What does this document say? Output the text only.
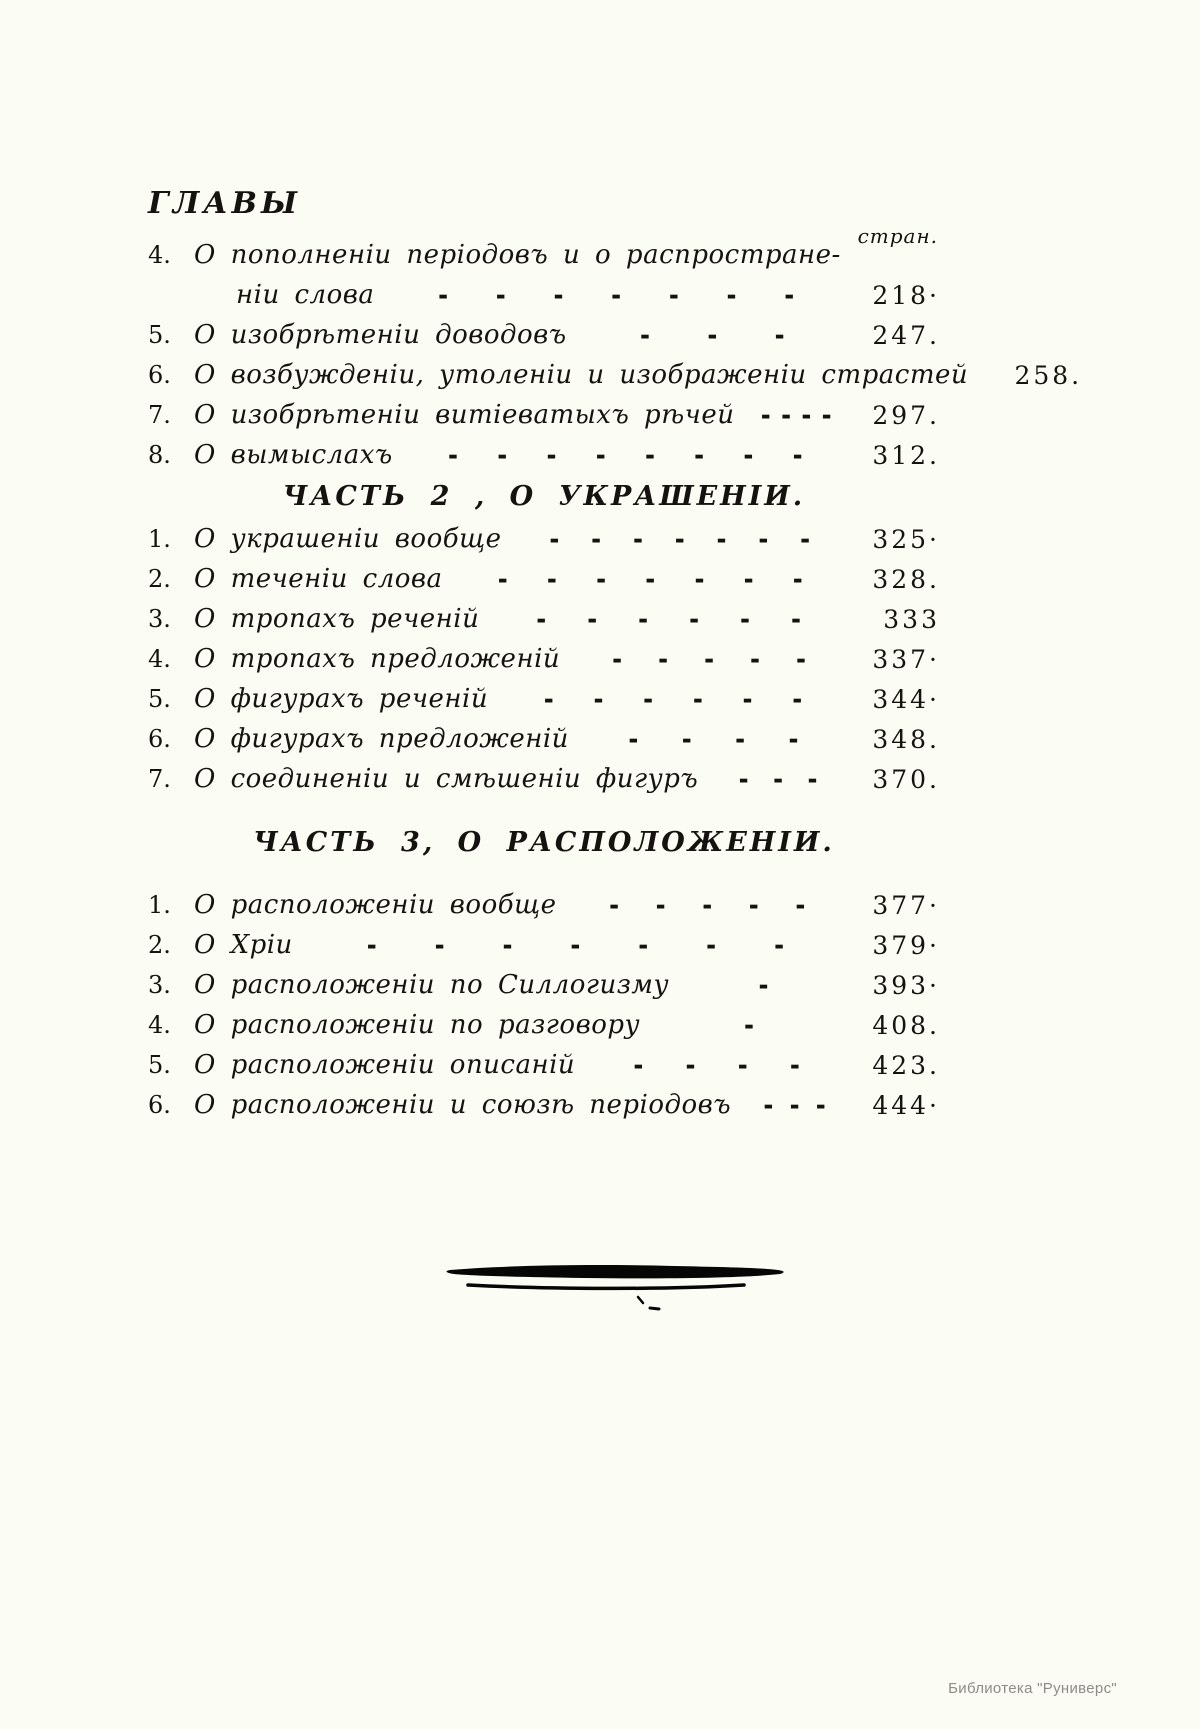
ГЛАВЫ
стран.
4. О пополненіи періодовъ и о распростране-
ніи слова	- - - - - - -	218·
5. О изобрѣтеніи доводовъ	- - -	247.
6. О возбужденіи, утоленіи и изображеніи страстей	258.
7. О изобрѣтеніи витіеватыхъ рѣчей	- - - -	297.
8. О вымыслахъ	- - - - - - - -	312.
ЧАСТЬ 2 , О УКРАШЕНІИ.
1. О украшеніи вообще	- - - - - - -	325·
2. О теченіи слова	- - - - - - -	328.
3. О тропахъ реченій	- - - - - -	333
4. О тропахъ предложеній	- - - - -	337·
5. О фигурахъ реченій	- - - - - -	344·
6. О фигурахъ предложеній	- - - -	348.
7. О соединеніи и смѣшеніи фигуръ	- - -	370.
ЧАСТЬ 3, О РАСПОЛОЖЕНІИ.
1. О расположеніи вообще	- - - - -	377·
2. О Хріи	- - - - - - -	379·
3. О расположеніи по Силлогизму	-	393·
4. О расположеніи по разговору	-	408.
5. О расположеніи описаній	- - - -	423.
6. О расположеніи и союзѣ періодовъ	- - -	444·
Библиотека "Руниверс"
